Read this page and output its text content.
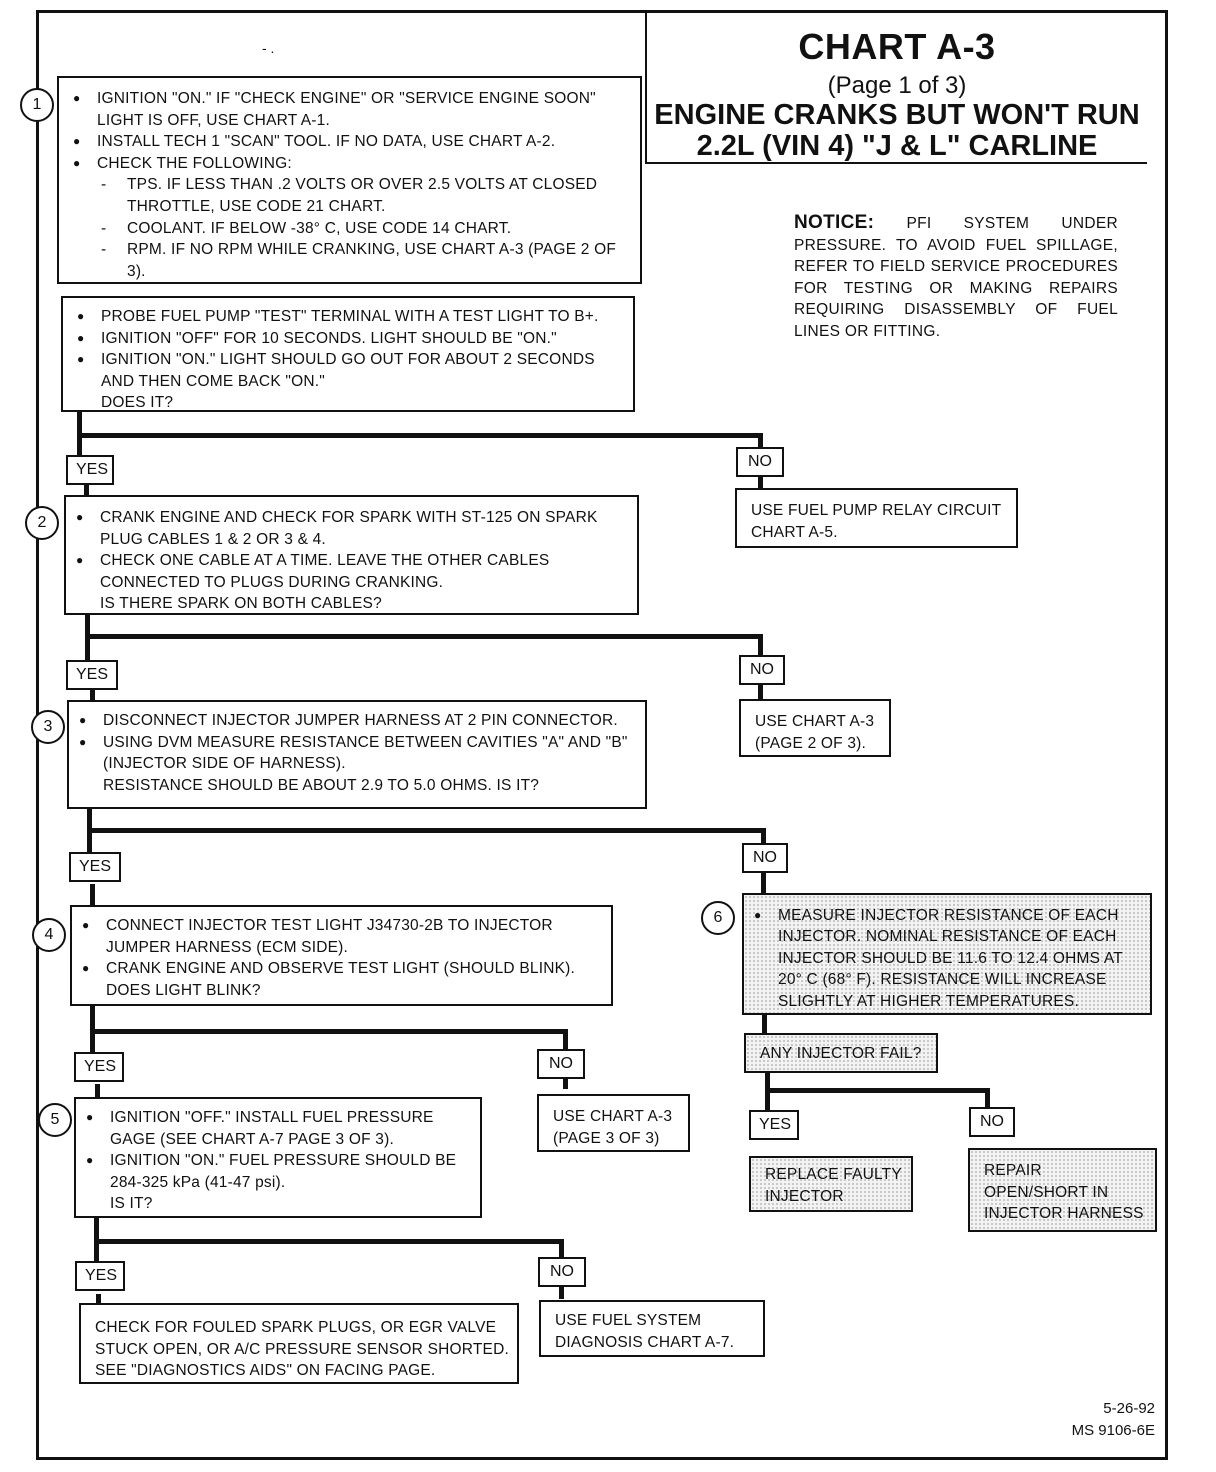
CHART A-3
(Page 1 of 3)
ENGINE CRANKS BUT WON'T RUN
2.2L (VIN 4) "J & L" CARLINE
- .
NOTICE: PFI SYSTEM UNDER PRESSURE. TO AVOID FUEL SPILLAGE, REFER TO FIELD SERVICE PROCEDURES FOR TESTING OR MAKING REPAIRS REQUIRING DISASSEMBLY OF FUEL LINES OR FITTING.
1
2
3
4
5
6
● IGNITION "ON." IF "CHECK ENGINE" OR "SERVICE ENGINE SOON" LIGHT IS OFF, USE CHART A-1.
● INSTALL TECH 1 "SCAN" TOOL. IF NO DATA, USE CHART A-2.
● CHECK THE FOLLOWING:
- TPS. IF LESS THAN .2 VOLTS OR OVER 2.5 VOLTS AT CLOSED THROTTLE, USE CODE 21 CHART.
- COOLANT. IF BELOW -38° C, USE CODE 14 CHART.
- RPM. IF NO RPM WHILE CRANKING, USE CHART A-3 (PAGE 2 OF 3).
● PROBE FUEL PUMP "TEST" TERMINAL WITH A TEST LIGHT TO B+.
● IGNITION "OFF" FOR 10 SECONDS. LIGHT SHOULD BE "ON."
● IGNITION "ON." LIGHT SHOULD GO OUT FOR ABOUT 2 SECONDS AND THEN COME BACK "ON."
DOES IT?
YES	NO
USE FUEL PUMP RELAY CIRCUIT CHART A-5.
● CRANK ENGINE AND CHECK FOR SPARK WITH ST-125 ON SPARK PLUG CABLES 1 & 2 OR 3 & 4.
● CHECK ONE CABLE AT A TIME. LEAVE THE OTHER CABLES CONNECTED TO PLUGS DURING CRANKING.
IS THERE SPARK ON BOTH CABLES?
YES	NO
USE CHART A-3 (PAGE 2 OF 3).
● DISCONNECT INJECTOR JUMPER HARNESS AT 2 PIN CONNECTOR.
● USING DVM MEASURE RESISTANCE BETWEEN CAVITIES "A" AND "B" (INJECTOR SIDE OF HARNESS).
RESISTANCE SHOULD BE ABOUT 2.9 TO 5.0 OHMS. IS IT?
YES
NO
● CONNECT INJECTOR TEST LIGHT J34730-2B TO INJECTOR JUMPER HARNESS (ECM SIDE).
● CRANK ENGINE AND OBSERVE TEST LIGHT (SHOULD BLINK).
DOES LIGHT BLINK?
YES	NO
USE CHART A-3 (PAGE 3 OF 3)
● MEASURE INJECTOR RESISTANCE OF EACH INJECTOR. NOMINAL RESISTANCE OF EACH INJECTOR SHOULD BE 11.6 TO 12.4 OHMS AT 20° C (68° F). RESISTANCE WILL INCREASE SLIGHTLY AT HIGHER TEMPERATURES.
ANY INJECTOR FAIL?
YES	NO
REPLACE FAULTY INJECTOR
REPAIR OPEN/SHORT IN INJECTOR HARNESS
● IGNITION "OFF." INSTALL FUEL PRESSURE GAGE (SEE CHART A-7 PAGE 3 OF 3).
● IGNITION "ON." FUEL PRESSURE SHOULD BE 284-325 kPa (41-47 psi).
IS IT?
YES	NO
CHECK FOR FOULED SPARK PLUGS, OR EGR VALVE STUCK OPEN, OR A/C PRESSURE SENSOR SHORTED. SEE "DIAGNOSTICS AIDS" ON FACING PAGE.
USE FUEL SYSTEM DIAGNOSIS CHART A-7.
5-26-92
MS 9106-6E
